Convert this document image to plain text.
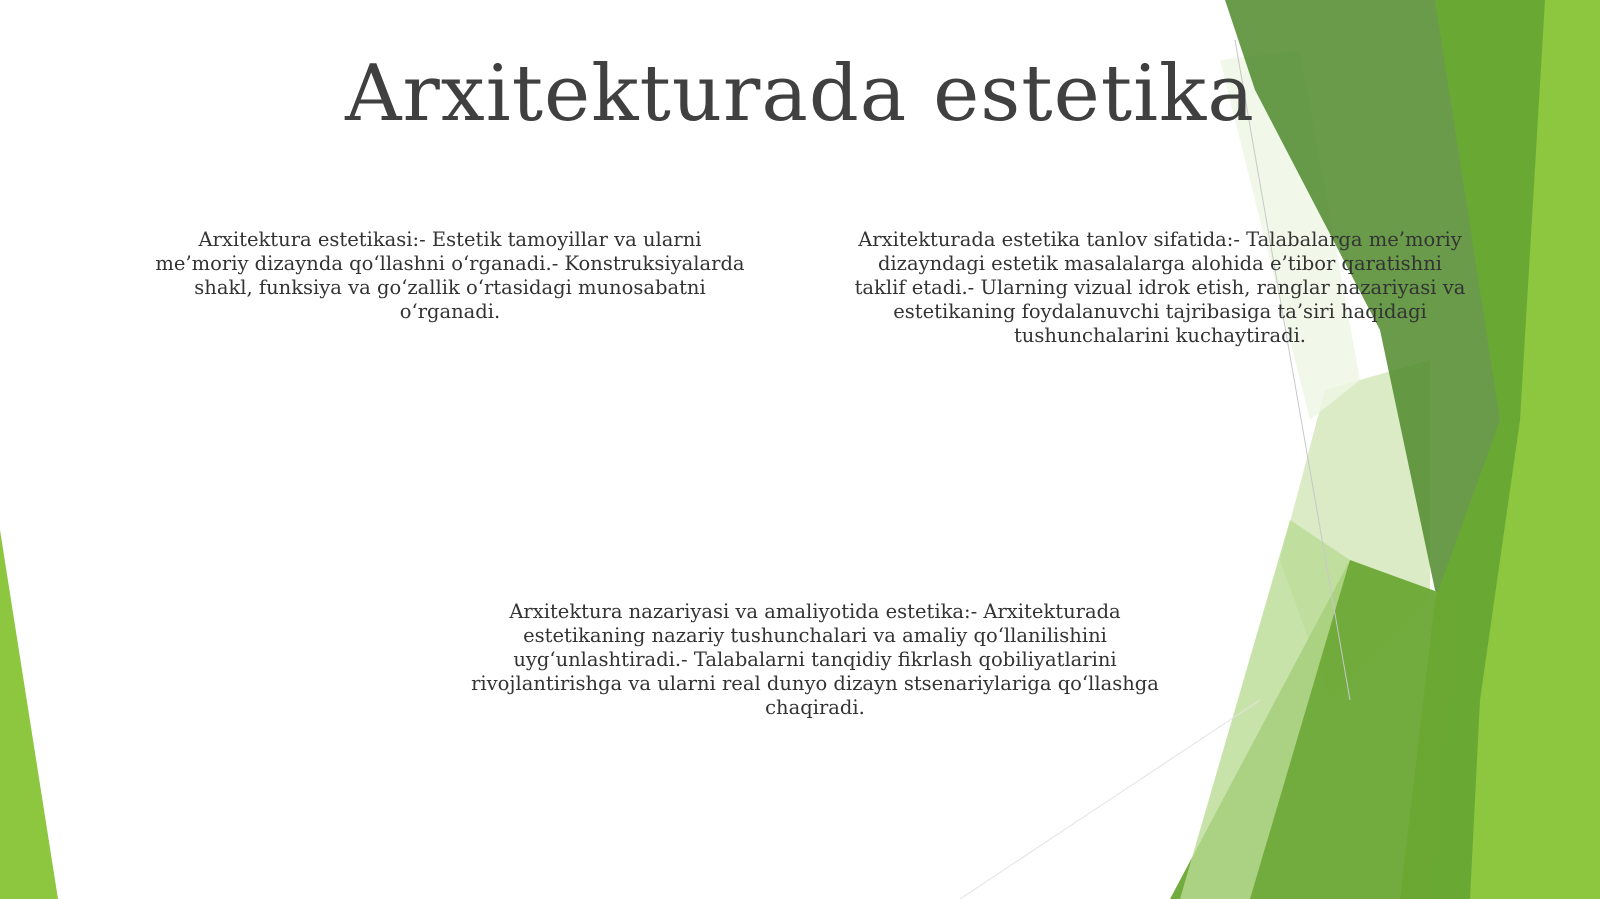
Arxitekturada estetika

Arxitektura estetikasi:- Estetik tamoyillar va ularni me’moriy dizaynda qo‘llashni o‘rganadi.- Konstruksiyalarda shakl, funksiya va go‘zallik o‘rtasidagi munosabatni o‘rganadi.

Arxitekturada estetika tanlov sifatida:- Talabalarga me’moriy dizayndagi estetik masalalarga alohida e’tibor qaratishni taklif etadi.- Ularning vizual idrok etish, ranglar nazariyasi va estetikaning foydalanuvchi tajribasiga ta’siri haqidagi tushunchalarini kuchaytiradi.

Arxitektura nazariyasi va amaliyotida estetika:- Arxitekturada estetikaning nazariy tushunchalari va amaliy qo‘llanilishini uyg‘unlashtiradi.- Talabalarni tanqidiy fikrlash qobiliyatlarini rivojlantirishga va ularni real dunyo dizayn stsenariylariga qo‘llashga chaqiradi.
